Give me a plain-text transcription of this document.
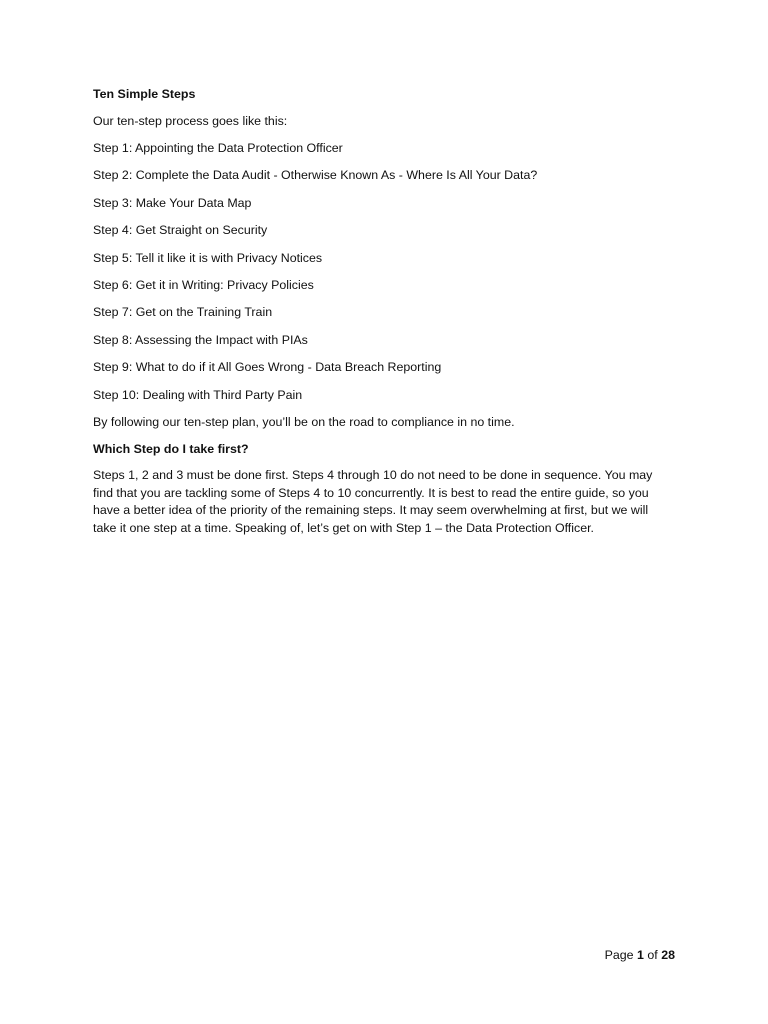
Ten Simple Steps
Our ten-step process goes like this:
Step 1: Appointing the Data Protection Officer
Step 2: Complete the Data Audit - Otherwise Known As - Where Is All Your Data?
Step 3: Make Your Data Map
Step 4: Get Straight on Security
Step 5: Tell it like it is with Privacy Notices
Step 6: Get it in Writing: Privacy Policies
Step 7: Get on the Training Train
Step 8: Assessing the Impact with PIAs
Step 9: What to do if it All Goes Wrong - Data Breach Reporting
Step 10: Dealing with Third Party Pain
By following our ten-step plan, you’ll be on the road to compliance in no time.
Which Step do I take first?

Steps 1, 2 and 3 must be done first. Steps 4 through 10 do not need to be done in sequence. You may find that you are tackling some of Steps 4 to 10 concurrently. It is best to read the entire guide, so you have a better idea of the priority of the remaining steps. It may seem overwhelming at first, but we will take it one step at a time. Speaking of, let’s get on with Step 1 – the Data Protection Officer.

Page 1 of 28
